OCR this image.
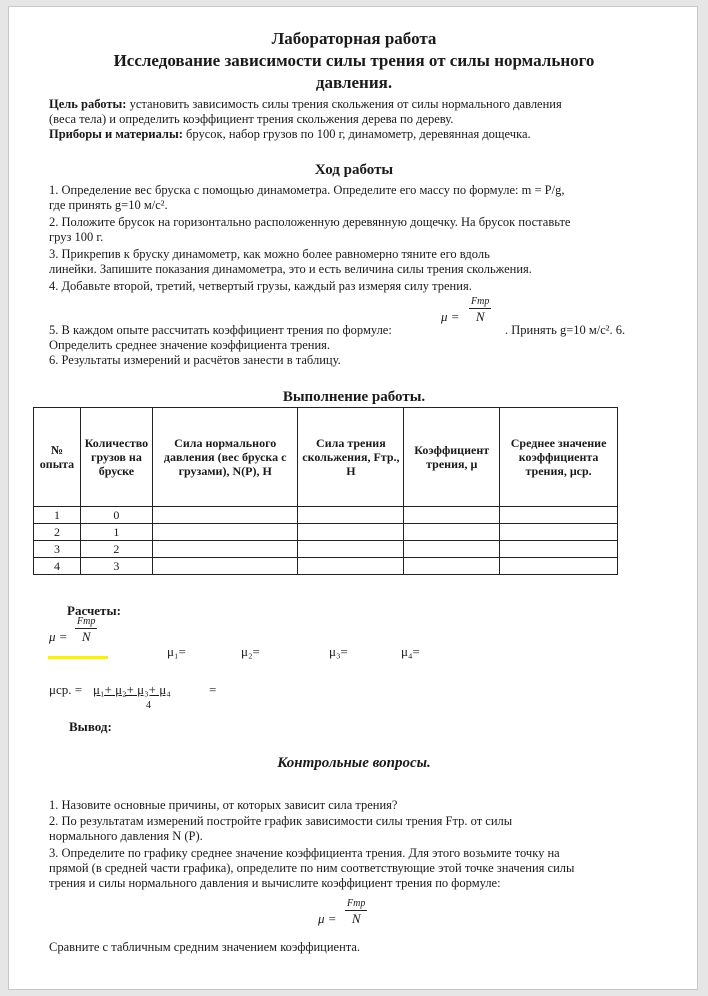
Лабораторная работа
Исследование зависимости силы трения от силы нормального
давления.
Цель работы: установить зависимость силы трения скольжения от силы нормального давления
(веса тела) и определить коэффициент трения скольжения дерева по дереву.
Приборы и материалы: брусок, набор грузов по 100 г, динамометр, деревянная дощечка.
Ход работы
1. Определение вес бруска с помощью динамометра. Определите его массу по формуле: m = P/g,
где принять g=10 м/с².
2. Положите брусок на горизонтально расположенную деревянную дощечку. На брусок поставьте
груз 100 г.
3. Прикрепив к бруску динамометр, как можно более равномерно тяните его вдоль
линейки. Запишите показания динамометра, это и есть величина силы трения скольжения.
4. Добавьте второй, третий, четвертый грузы, каждый раз измеряя силу трения.
5. В каждом опыте рассчитать коэффициент трения по формуле:
μ =
Fтр
N
. Принять g=10 м/с². 6.
Определить среднее значение коэффициента трения.
6. Результаты измерений и расчётов занести в таблицу.
Выполнение работы.
№ опыта	Количество грузов на бруске	Сила нормального давления (вес бруска с грузами), N(P), Н	Сила трения скольжения, Fтр., Н	Коэффициент трения, μ	Среднее значение коэффициента трения, μср.
1	0				
2	1				
3	2				
4	3				
Расчеты:
μ =
Fтр
N
μ₁=	μ₂=	μ₃=	μ₄=
μср. = μ₁+ μ₂+ μ₃+ μ₄
4
=
Вывод:
Контрольные вопросы.
1. Назовите основные причины, от которых зависит сила трения?
2. По результатам измерений постройте график зависимости силы трения Fтр. от силы
нормального давления N (P).
3. Определите по графику среднее значение коэффициента трения. Для этого возьмите точку на
прямой (в средней части графика), определите по ним соответствующие этой точке значения силы
трения и силы нормального давления и вычислите коэффициент трения по формуле:
μ =
Fтр
N
Сравните с табличным средним значением коэффициента.
